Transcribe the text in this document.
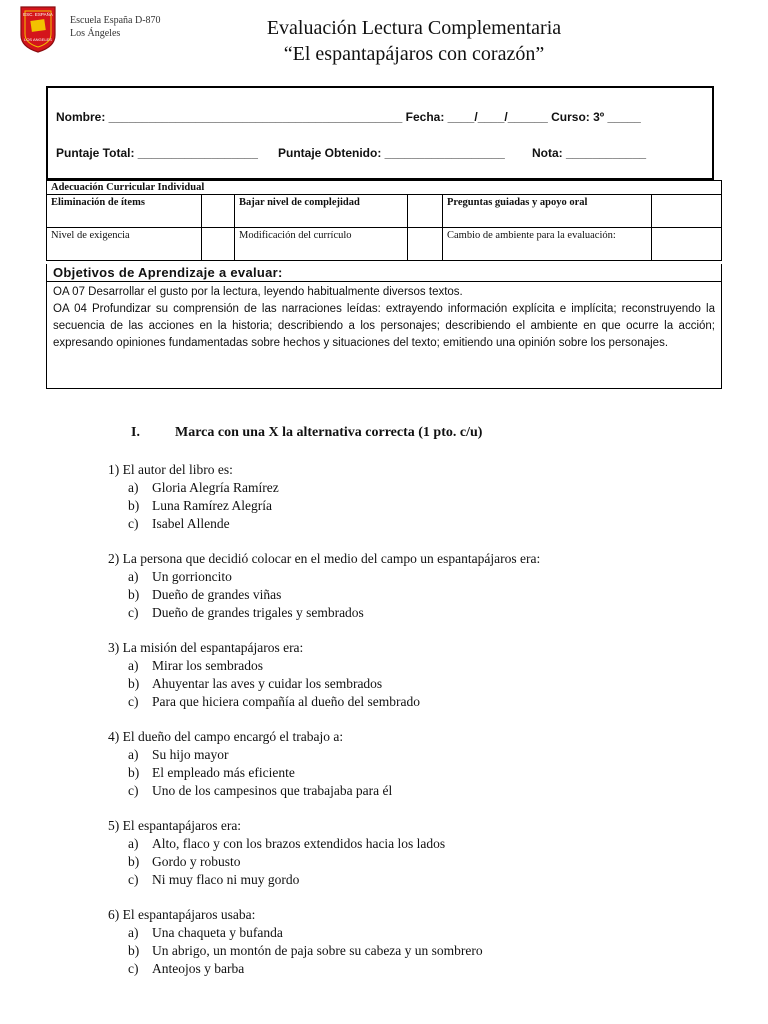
ESC. ESPAÑA
LOS ANGELES
Escuela España D-870
Los Ángeles	Evaluación Lectura Complementaria
“El espantapájaros con corazón”
Nombre: ____________________________________________ Fecha: ____/____/______ Curso: 3º _____
Puntaje Total: __________________ Puntaje Obtenido: __________________ Nota: ____________
Adecuación Curricular Individual					
Eliminación de ítems		Bajar nivel de complejidad		Preguntas guiadas y apoyo oral	
Nivel de exigencia		Modificación del currículo		Cambio de ambiente para la evaluación:	
Objetivos de Aprendizaje a evaluar:
OA 07 Desarrollar el gusto por la lectura, leyendo habitualmente diversos textos.
OA 04 Profundizar su comprensión de las narraciones leídas: extrayendo información explícita e implícita; reconstruyendo la secuencia de las acciones en la historia; describiendo a los personajes; describiendo el ambiente en que ocurre la acción; expresando opiniones fundamentadas sobre hechos y situaciones del texto; emitiendo una opinión sobre los personajes.
I.	Marca con una X la alternativa correcta (1 pto. c/u)
1) El autor del libro es:
a) Gloria Alegría Ramírez
b) Luna Ramírez Alegría
c) Isabel Allende
2) La persona que decidió colocar en el medio del campo un espantapájaros era:
a) Un gorrioncito
b) Dueño de grandes viñas
c) Dueño de grandes trigales y sembrados
3) La misión del espantapájaros era:
a) Mirar los sembrados
b) Ahuyentar las aves y cuidar los sembrados
c) Para que hiciera compañía al dueño del sembrado
4) El dueño del campo encargó el trabajo a:
a) Su hijo mayor
b) El empleado más eficiente
c) Uno de los campesinos que trabajaba para él
5) El espantapájaros era:
a) Alto, flaco y con los brazos extendidos hacia los lados
b) Gordo y robusto
c) Ni muy flaco ni muy gordo
6) El espantapájaros usaba:
a) Una chaqueta y bufanda
b) Un abrigo, un montón de paja sobre su cabeza y un sombrero
c) Anteojos y barba
